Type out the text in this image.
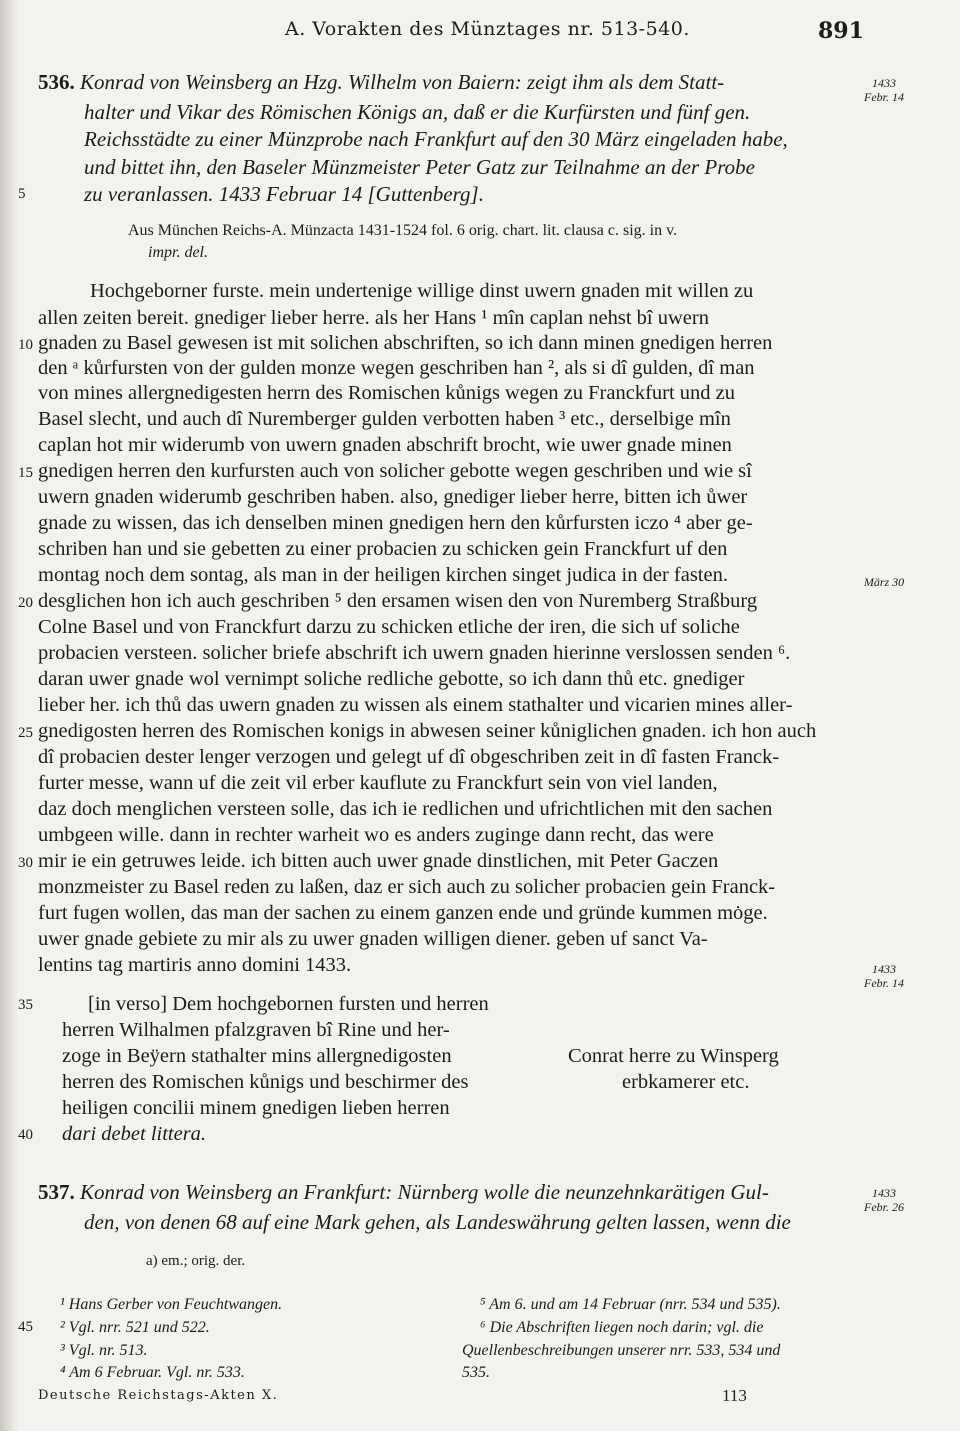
A. Vorakten des Münztages nr. 513-540.	891
536. Konrad von Weinsberg an Hzg. Wilhelm von Baiern: zeigt ihm als dem Statt-
halter und Vikar des Römischen Königs an, daß er die Kurfürsten und fünf gen.
Reichsstädte zu einer Münzprobe nach Frankfurt auf den 30 März eingeladen habe,
und bittet ihn, den Baseler Münzmeister Peter Gatz zur Teilnahme an der Probe
zu veranlassen. 1433 Februar 14 [Guttenberg].
Aus München Reichs-A. Münzacta 1431-1524 fol. 6 orig. chart. lit. clausa c. sig. in v.
impr. del.
Hochgeborner furste. mein undertenige willige dinst uwern gnaden mit willen zu
allen zeiten bereit. gnediger lieber herre. als her Hans ¹ mîn caplan nehst bî uwern
gnaden zu Basel gewesen ist mit solichen abschriften, so ich dann minen gnedigen herren
den ᵃ kůrfursten von der gulden monze wegen geschriben han ², als si dî gulden, dî man
von mines allergnedigesten herrn des Romischen kůnigs wegen zu Franckfurt und zu
Basel slecht, und auch dî Nuremberger gulden verbotten haben ³ etc., derselbige mîn
caplan hot mir widerumb von uwern gnaden abschrift brocht, wie uwer gnade minen
gnedigen herren den kurfursten auch von solicher gebotte wegen geschriben und wie sî
uwern gnaden widerumb geschriben haben. also, gnediger lieber herre, bitten ich ůwer
gnade zu wissen, das ich denselben minen gnedigen hern den kůrfursten iczo ⁴ aber ge-
schriben han und sie gebetten zu einer probacien zu schicken gein Franckfurt uf den
montag noch dem sontag, als man in der heiligen kirchen singet judica in der fasten.
desglichen hon ich auch geschriben ⁵ den ersamen wisen den von Nuremberg Straßburg
Colne Basel und von Franckfurt darzu zu schicken etliche der iren, die sich uf soliche
probacien versteen. solicher briefe abschrift ich uwern gnaden hierinne verslossen senden ⁶.
daran uwer gnade wol vernimpt soliche redliche gebotte, so ich dann thů etc. gnediger
lieber her. ich thů das uwern gnaden zu wissen als einem stathalter und vicarien mines aller-
gnedigosten herren des Romischen konigs in abwesen seiner kůniglichen gnaden. ich hon auch
dî probacien dester lenger verzogen und gelegt uf dî obgeschriben zeit in dî fasten Franck-
furter messe, wann uf die zeit vil erber kauflute zu Franckfurt sein von viel landen,
daz doch menglichen versteen solle, das ich ie redlichen und ufrichtlichen mit den sachen
umbgeen wille. dann in rechter warheit wo es anders zuginge dann recht, das were
mir ie ein getruwes leide. ich bitten auch uwer gnade dinstlichen, mit Peter Gaczen
monzmeister zu Basel reden zu laßen, daz er sich auch zu solicher probacien gein Franck-
furt fugen wollen, das man der sachen zu einem ganzen ende und gründe kummen mȯge.
uwer gnade gebiete zu mir als zu uwer gnaden willigen diener. geben uf sanct Va-
lentins tag martiris anno domini 1433.
[in verso] Dem hochgebornen fursten und herren
herren Wilhalmen pfalzgraven bî Rine und her-
zoge in Beÿern stathalter mins allergnedigosten
herren des Romischen kůnigs und beschirmer des
heiligen concilii minem gnedigen lieben herren
dari debet littera.
Conrat herre zu Winsperg
erbkamerer etc.
537. Konrad von Weinsberg an Frankfurt: Nürnberg wolle die neunzehnkarätigen Gul-
den, von denen 68 auf eine Mark gehen, als Landeswährung gelten lassen, wenn die
a) em.; orig. der.
¹ Hans Gerber von Feuchtwangen.
² Vgl. nrr. 521 und 522.
³ Vgl. nr. 513.
⁴ Am 6 Februar. Vgl. nr. 533.
⁵ Am 6. und am 14 Februar (nrr. 534 und 535).
⁶ Die Abschriften liegen noch darin; vgl. die
Quellenbeschreibungen unserer nrr. 533, 534 und
535.
5
10
15
20
25
30
35
40
45
1433
Febr. 14
März 30
1433
Febr. 14
1433
Febr. 26
Deutsche Reichstags-Akten X.	113
